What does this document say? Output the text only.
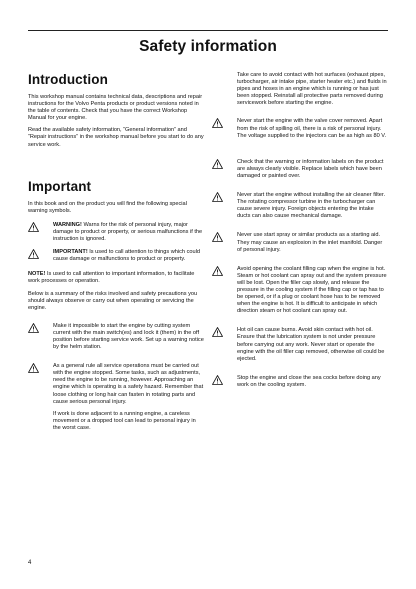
Safety information
Introduction

This workshop manual contains technical data, descriptions and repair instructions for the Volvo Penta products or product versions noted in the table of contents. Check that you have the correct Workshop Manual for your engine.

Read the available safety information, “General information” and “Repair instructions” in the workshop manual before you start to do any service work.

Important

In this book and on the product you will find the following special warning symbols.

WARNING! Warns for the risk of personal injury, major damage to product or property, or serious malfunctions if the instruction is ignored.
IMPORTANT! Is used to call attention to things which could cause damage or malfunctions to product or property.

NOTE! Is used to call attention to important information, to facilitate work processes or operation.

Below is a summary of the risks involved and safety precautions you should always observe or carry out when operating or servicing the engine.

Make it impossible to start the engine by cutting system current with the main switch(es) and lock it (them) in the off position before starting service work. Set up a warning notice by the helm station.
As a general rule all service operations must be carried out with the engine stopped. Some tasks, such as adjustments, need the engine to be running, however. Approaching an engine which is operating is a safety hazard. Remember that loose clothing or long hair can fasten in rotating parts and cause serious personal injury.

If work is done adjacent to a running engine, a careless movement or a dropped tool can lead to personal injury in the worst case.

Take care to avoid contact with hot surfaces (exhaust pipes, turbocharger, air intake pipe, starter heater etc.) and fluids in pipes and hoses in an engine which is running or has just been stopped. Reinstall all protective parts removed during servicework before starting the engine.

Never start the engine with the valve cover removed. Apart from the risk of spilling oil, there is a risk of personal injury. The voltage supplied to the injectors can be as high as 80 V.
Check that the warning or information labels on the product are always clearly visible. Replace labels which have been damaged or painted over.
Never start the engine without installing the air cleaner filter. The rotating compressor turbine in the turbocharger can cause severe injury. Foreign objects entering the intake ducts can also cause mechanical damage.
Never use start spray or similar products as a starting aid. They may cause an explosion in the inlet manifold. Danger of personal injury.
Avoid opening the coolant filling cap when the engine is hot. Steam or hot coolant can spray out and the system pressure will be lost. Open the filler cap slowly, and release the pressure in the cooling system if the filling cap or tap has to be opened, or if a plug or coolant hose has to be removed when the engine is hot. It is difficult to anticipate in which direction steam or hot coolant can spray out.
Hot oil can cause burns. Avoid skin contact with hot oil. Ensure that the lubrication system is not under pressure before carrying out any work. Never start or operate the engine with the oil filler cap removed, otherwise oil could be ejected.
Stop the engine and close the sea cocks before doing any work on the cooling system.
4
